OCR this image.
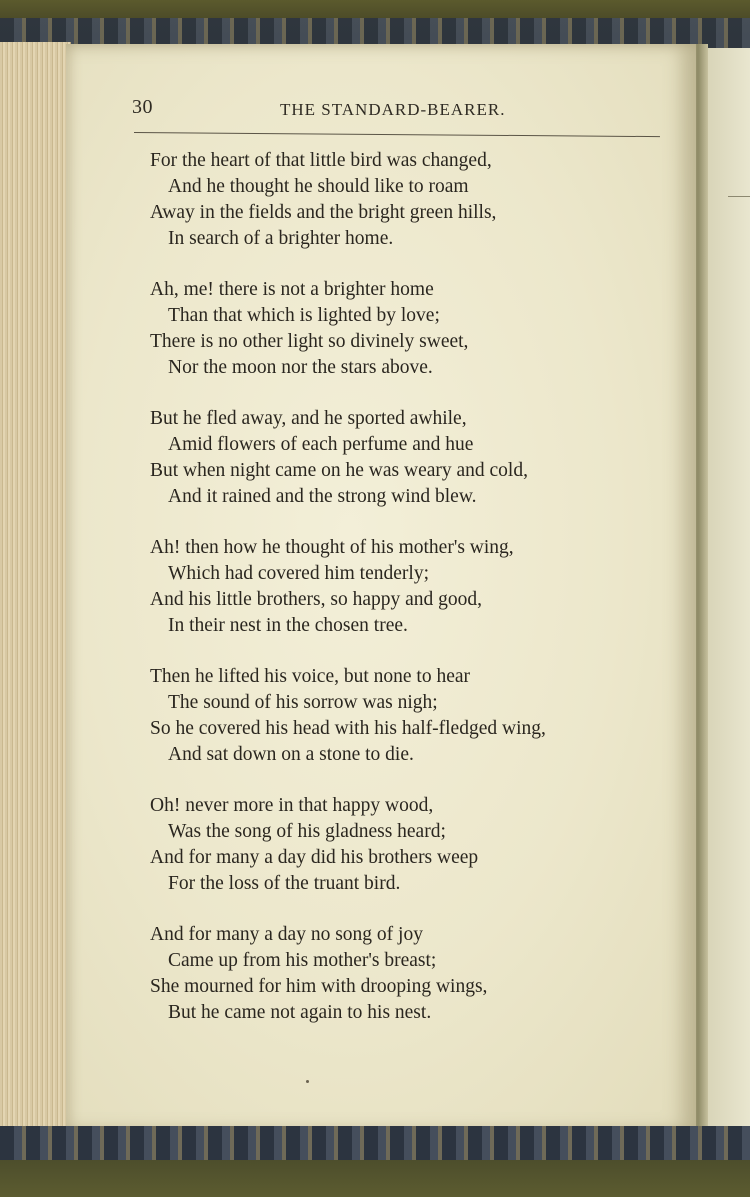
30	THE STANDARD-BEARER.
For the heart of that little bird was changed,
And he thought he should like to roam
Away in the fields and the bright green hills,
In search of a brighter home.
Ah, me! there is not a brighter home
Than that which is lighted by love;
There is no other light so divinely sweet,
Nor the moon nor the stars above.
But he fled away, and he sported awhile,
Amid flowers of each perfume and hue
But when night came on he was weary and cold,
And it rained and the strong wind blew.
Ah! then how he thought of his mother's wing,
Which had covered him tenderly;
And his little brothers, so happy and good,
In their nest in the chosen tree.
Then he lifted his voice, but none to hear
The sound of his sorrow was nigh;
So he covered his head with his half-fledged wing,
And sat down on a stone to die.
Oh! never more in that happy wood,
Was the song of his gladness heard;
And for many a day did his brothers weep
For the loss of the truant bird.
And for many a day no song of joy
Came up from his mother's breast;
She mourned for him with drooping wings,
But he came not again to his nest.
